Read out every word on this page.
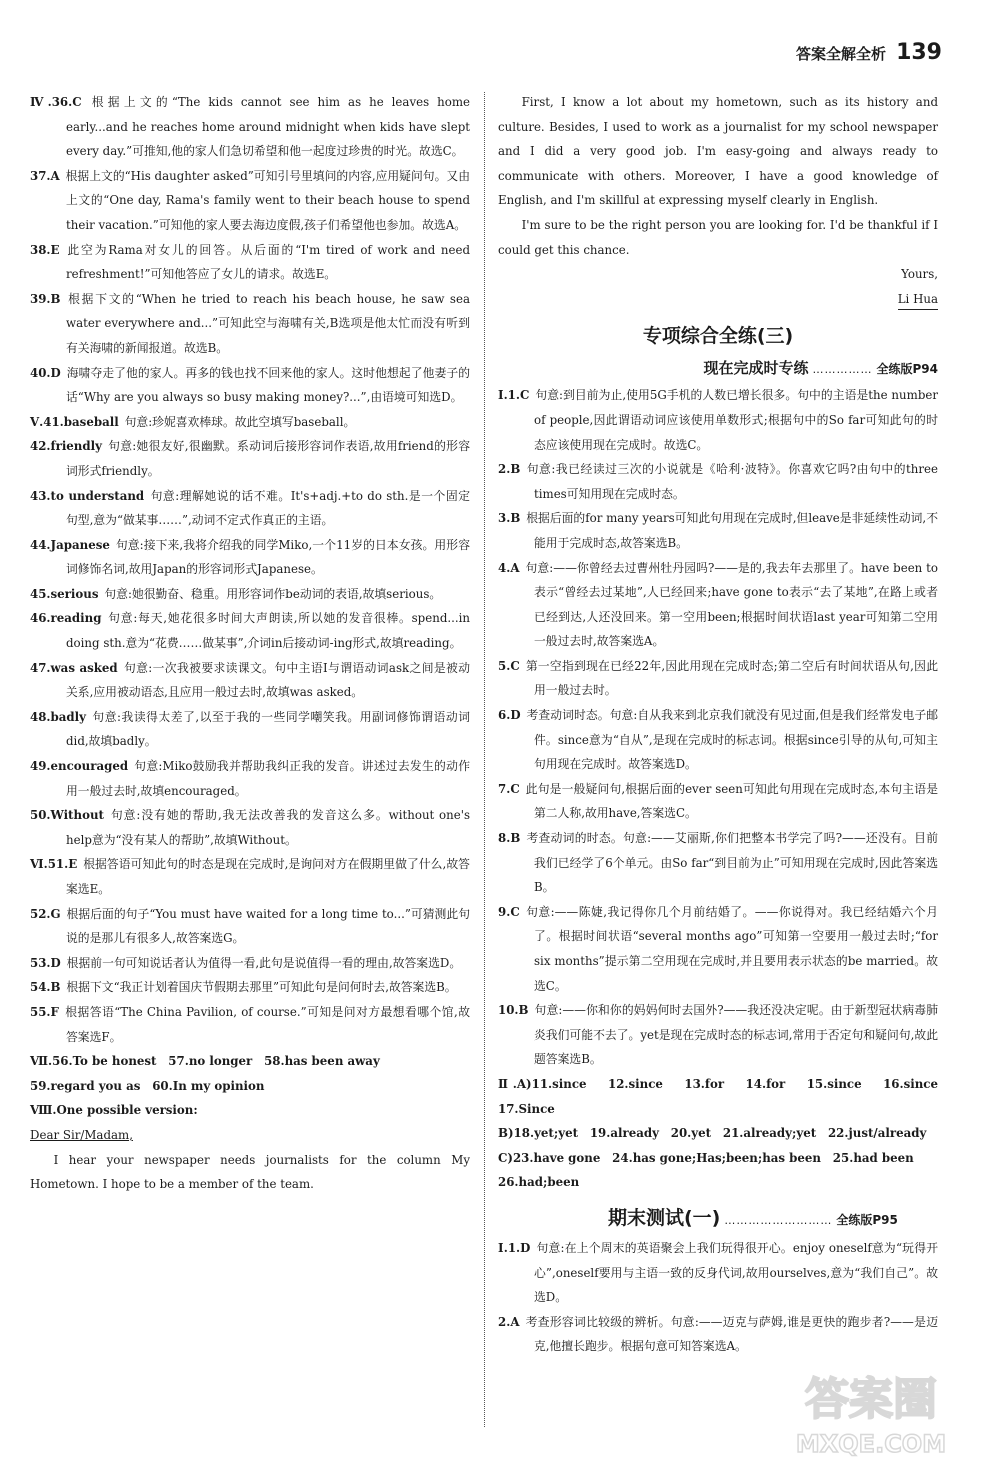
答案全解全析 139
Ⅳ.36.C  根据上文的“The kids cannot see him as he leaves home early...and he reaches home around midnight when kids have slept every day.”可推知,他的家人们急切希望和他一起度过珍贵的时光。故选C。
37.A  根据上文的“His daughter asked”可知引号里填问的内容,应用疑问句。又由上文的“One day, Rama's family went to their beach house to spend their vacation.”可知他的家人要去海边度假,孩子们希望他也参加。故选A。
38.E  此空为Rama对女儿的回答。从后面的“I'm tired of work and need refreshment!”可知他答应了女儿的请求。故选E。
39.B  根据下文的“When he tried to reach his beach house, he saw sea water everywhere and...”可知此空与海啸有关,B选项是他太忙而没有听到有关海啸的新闻报道。故选B。
40.D  海啸夺走了他的家人。再多的钱也找不回来他的家人。这时他想起了他妻子的话“Why are you always so busy making money?...”,由语境可知选D。
Ⅴ.41.baseball  句意:珍妮喜欢棒球。故此空填写baseball。
42.friendly  句意:她很友好,很幽默。系动词后接形容词作表语,故用friend的形容词形式friendly。
43.to understand  句意:理解她说的话不难。It's+adj.+to do sth.是一个固定句型,意为“做某事……”,动词不定式作真正的主语。
44.Japanese  句意:接下来,我将介绍我的同学Miko,一个11岁的日本女孩。用形容词修饰名词,故用Japan的形容词形式Japanese。
45.serious  句意:她很勤奋、稳重。用形容词作be动词的表语,故填serious。
46.reading  句意:每天,她花很多时间大声朗读,所以她的发音很棒。spend...in doing sth.意为“花费……做某事”,介词in后接动词-ing形式,故填reading。
47.was asked  句意:一次我被要求读课文。句中主语I与谓语动词ask之间是被动关系,应用被动语态,且应用一般过去时,故填was asked。
48.badly  句意:我读得太差了,以至于我的一些同学嘲笑我。用副词修饰谓语动词did,故填badly。
49.encouraged  句意:Miko鼓励我并帮助我纠正我的发音。讲述过去发生的动作用一般过去时,故填encouraged。
50.Without  句意:没有她的帮助,我无法改善我的发音这么多。without one's help意为“没有某人的帮助”,故填Without。
Ⅵ.51.E  根据答语可知此句的时态是现在完成时,是询问对方在假期里做了什么,故答案选E。
52.G  根据后面的句子“You must have waited for a long time to...”可猜测此句说的是那儿有很多人,故答案选G。
53.D  根据前一句可知说话者认为值得一看,此句是说值得一看的理由,故答案选D。
54.B  根据下文“我正计划着国庆节假期去那里”可知此句是问何时去,故答案选B。
55.F  根据答语“The China Pavilion, of course.”可知是问对方最想看哪个馆,故答案选F。
Ⅶ.56.To be honest　57.no longer　58.has been away
59.regard you as　60.In my opinion
Ⅷ.One possible version:
Dear Sir/Madam,
I hear your newspaper needs journalists for the column My Hometown. I hope to be a member of the team.
First, I know a lot about my hometown, such as its history and culture. Besides, I used to work as a journalist for my school newspaper and I did a very good job. I'm easy-going and always ready to communicate with others. Moreover, I have a good knowledge of English, and I'm skillful at expressing myself clearly in English.
I'm sure to be the right person you are looking for. I'd be thankful if I could get this chance.
Yours,
Li Hua
专项综合全练(三)
现在完成时专练 …………… 全练版P94
Ⅰ.1.C  句意:到目前为止,使用5G手机的人数已增长很多。句中的主语是the number of people,因此谓语动词应该使用单数形式;根据句中的So far可知此句的时态应该使用现在完成时。故选C。
2.B  句意:我已经读过三次的小说就是《哈利·波特》。你喜欢它吗?由句中的three times可知用现在完成时态。
3.B  根据后面的for many years可知此句用现在完成时,但leave是非延续性动词,不能用于完成时态,故答案选B。
4.A  句意:——你曾经去过曹州牡丹园吗?——是的,我去年去那里了。have been to表示“曾经去过某地”,人已经回来;have gone to表示“去了某地”,在路上或者已经到达,人还没回来。第一空用been;根据时间状语last year可知第二空用一般过去时,故答案选A。
5.C  第一空指到现在已经22年,因此用现在完成时态;第二空后有时间状语从句,因此用一般过去时。
6.D  考查动词时态。句意:自从我来到北京我们就没有见过面,但是我们经常发电子邮件。since意为“自从”,是现在完成时的标志词。根据since引导的从句,可知主句用现在完成时。故答案选D。
7.C  此句是一般疑问句,根据后面的ever seen可知此句用现在完成时态,本句主语是第二人称,故用have,答案选C。
8.B  考查动词的时态。句意:——艾丽斯,你们把整本书学完了吗?——还没有。目前我们已经学了6个单元。由So far“到目前为止”可知用现在完成时,因此答案选B。
9.C  句意:——陈婕,我记得你几个月前结婚了。——你说得对。我已经结婚六个月了。根据时间状语“several months ago”可知第一空要用一般过去时;“for six months”提示第二空用现在完成时,并且要用表示状态的be married。故选C。
10.B  句意:——你和你的妈妈何时去国外?——我还没决定呢。由于新型冠状病毒肺炎我们可能不去了。yet是现在完成时态的标志词,常用于否定句和疑问句,故此题答案选B。
Ⅱ.A)11.since　12.since　13.for　14.for　15.since　16.since　17.Since
B)18.yet;yet　19.already　20.yet　21.already;yet　22.just/already
C)23.have gone　24.has gone;Has;been;has been　25.had been
26.had;been
期末测试(一) ……………………… 全练版P95
Ⅰ.1.D  句意:在上个周末的英语聚会上我们玩得很开心。enjoy oneself意为“玩得开心”,oneself要用与主语一致的反身代词,故用ourselves,意为“我们自己”。故选D。
2.A  考查形容词比较级的辨析。句意:——迈克与萨姆,谁是更快的跑步者?——是迈克,他擅长跑步。根据句意可知答案选A。
答案圈
MXQE.COM
